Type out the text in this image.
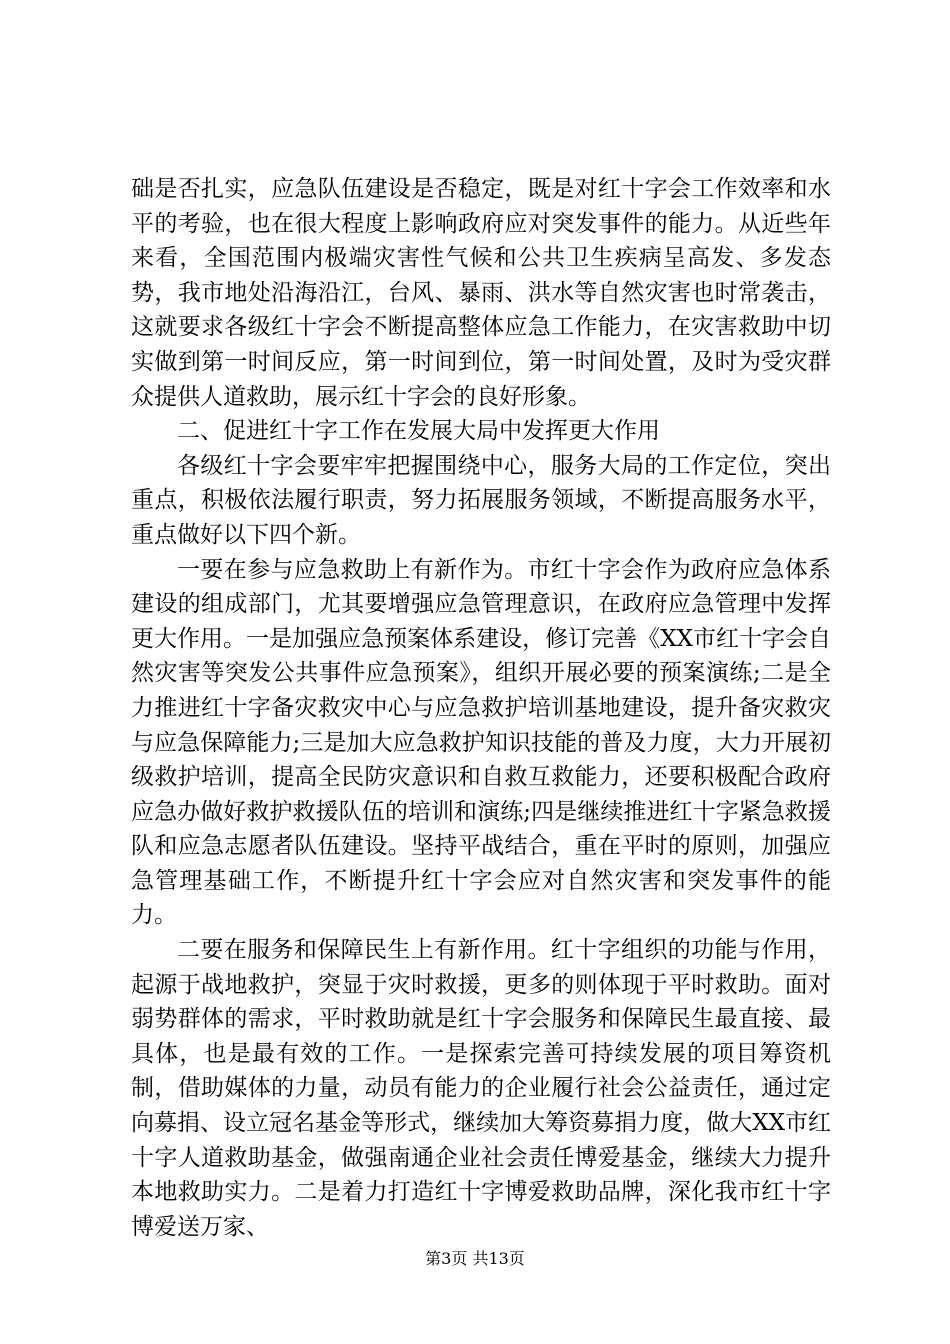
础是否扎实，应急队伍建设是否稳定，既是对红十字会工作效率和水平的考验，也在很大程度上影响政府应对突发事件的能力。从近些年来看，全国范围内极端灾害性气候和公共卫生疾病呈高发、多发态势，我市地处沿海沿江，台风、暴雨、洪水等自然灾害也时常袭击，这就要求各级红十字会不断提高整体应急工作能力，在灾害救助中切实做到第一时间反应，第一时间到位，第一时间处置，及时为受灾群众提供人道救助，展示红十字会的良好形象。

二、促进红十字工作在发展大局中发挥更大作用

各级红十字会要牢牢把握围绕中心，服务大局的工作定位，突出重点，积极依法履行职责，努力拓展服务领域，不断提高服务水平，重点做好以下四个新。

一要在参与应急救助上有新作为。市红十字会作为政府应急体系建设的组成部门，尤其要增强应急管理意识，在政府应急管理中发挥更大作用。一是加强应急预案体系建设，修订完善《XX市红十字会自然灾害等突发公共事件应急预案》，组织开展必要的预案演练;二是全力推进红十字备灾救灾中心与应急救护培训基地建设，提升备灾救灾与应急保障能力;三是加大应急救护知识技能的普及力度，大力开展初级救护培训，提高全民防灾意识和自救互救能力，还要积极配合政府应急办做好救护救援队伍的培训和演练;四是继续推进红十字紧急救援队和应急志愿者队伍建设。坚持平战结合，重在平时的原则，加强应急管理基础工作，不断提升红十字会应对自然灾害和突发事件的能力。

二要在服务和保障民生上有新作用。红十字组织的功能与作用，起源于战地救护，突显于灾时救援，更多的则体现于平时救助。面对弱势群体的需求，平时救助就是红十字会服务和保障民生最直接、最具体，也是最有效的工作。一是探索完善可持续发展的项目筹资机制，借助媒体的力量，动员有能力的企业履行社会公益责任，通过定向募捐、设立冠名基金等形式，继续加大筹资募捐力度，做大XX市红十字人道救助基金，做强南通企业社会责任博爱基金，继续大力提升本地救助实力。二是着力打造红十字博爱救助品牌，深化我市红十字博爱送万家、

第3页 共13页
